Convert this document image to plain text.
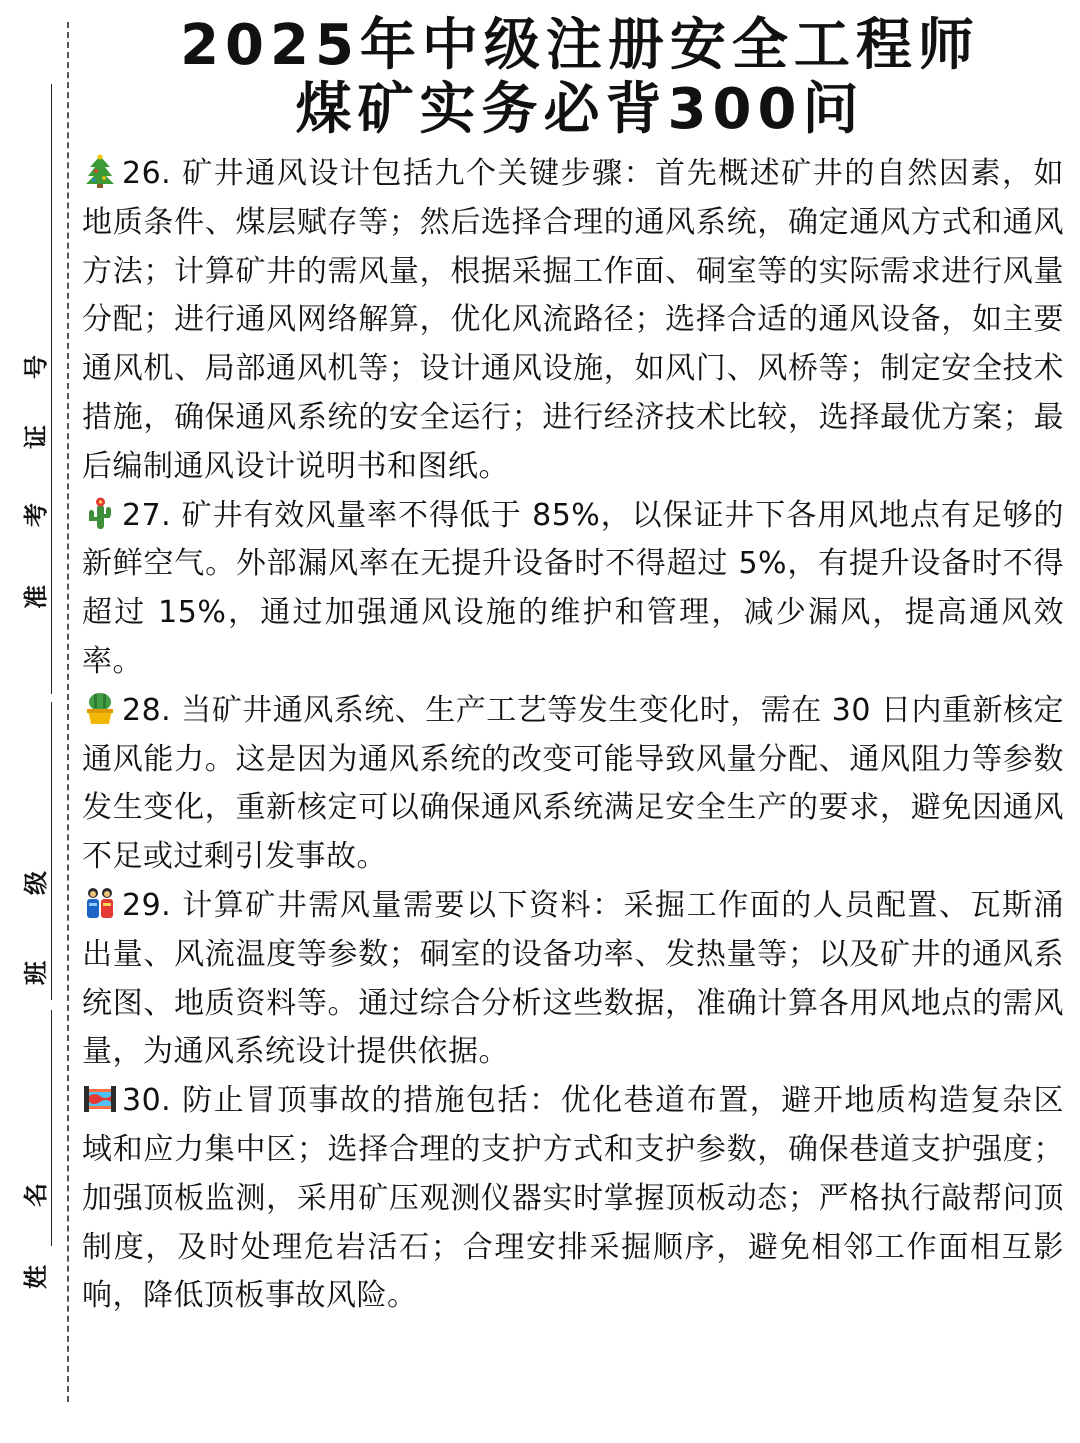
号
证
考
准
级
班
名
姓
2025年中级注册安全工程师
煤矿实务必背300问

26. 矿井通风设计包括九个关键步骤：首先概述矿井的自然因素，如地质条件、煤层赋存等；然后选择合理的通风系统，确定通风方式和通风方法；计算矿井的需风量，根据采掘工作面、硐室等的实际需求进行风量分配；进行通风网络解算，优化风流路径；选择合适的通风设备，如主要通风机、局部通风机等；设计通风设施，如风门、风桥等；制定安全技术措施，确保通风系统的安全运行；进行经济技术比较，选择最优方案；最后编制通风设计说明书和图纸。

27. 矿井有效风量率不得低于 85%，以保证井下各用风地点有足够的新鲜空气。外部漏风率在无提升设备时不得超过 5%，有提升设备时不得超过 15%，通过加强通风设施的维护和管理，减少漏风，提高通风效率。

28. 当矿井通风系统、生产工艺等发生变化时，需在 30 日内重新核定通风能力。这是因为通风系统的改变可能导致风量分配、通风阻力等参数发生变化，重新核定可以确保通风系统满足安全生产的要求，避免因通风不足或过剩引发事故。

29. 计算矿井需风量需要以下资料：采掘工作面的人员配置、瓦斯涌出量、风流温度等参数；硐室的设备功率、发热量等；以及矿井的通风系统图、地质资料等。通过综合分析这些数据，准确计算各用风地点的需风量，为通风系统设计提供依据。

30. 防止冒顶事故的措施包括：优化巷道布置，避开地质构造复杂区域和应力集中区；选择合理的支护方式和支护参数，确保巷道支护强度；加强顶板监测，采用矿压观测仪器实时掌握顶板动态；严格执行敲帮问顶制度，及时处理危岩活石；合理安排采掘顺序，避免相邻工作面相互影响，降低顶板事故风险。
